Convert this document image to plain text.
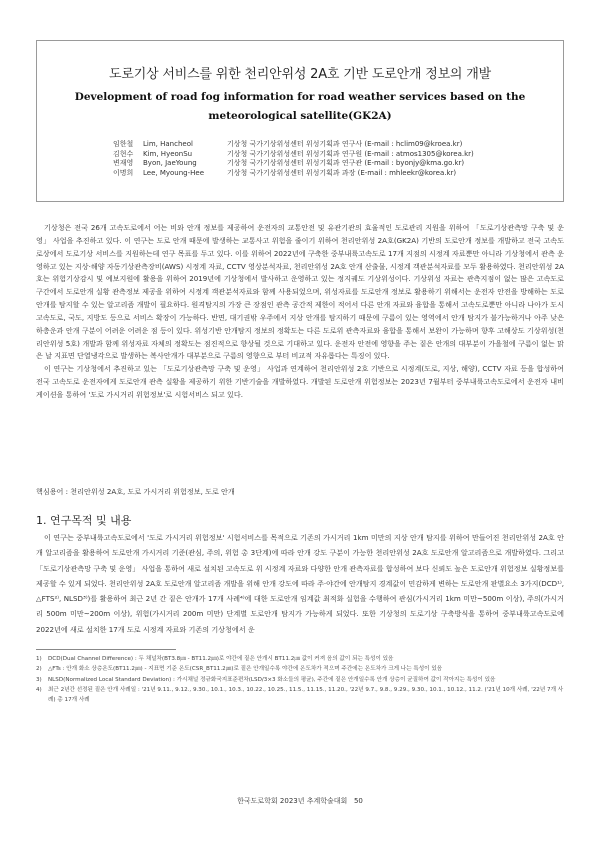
도로기상 서비스를 위한 천리안위성 2A호 기반 도로안개 정보의 개발
Development of road fog information for road weather services based on the meteorological satellite(GK2A)
임한철	Lim, Hancheol	기상청 국가기상위성센터 위성기획과 연구사 (E-mail : hclim09@kroea.kr)
김현수	Kim, HyeonSu	기상청 국가기상위성센터 위성기획과 연구원 (E-mail : atmos1305@korea.kr)
변재영	Byon, JaeYoung	기상청 국가기상위성센터 위성기획과 연구관 (E-mail : byonjy@kma.go.kr)
이명희	Lee, Myoung-Hee	기상청 국가기상위성센터 위성기획과 과장 (E-mail : mhleekr@korea.kr)

기상청은 전국 26개 고속도로에서 어는 비와 안개 정보를 제공하여 운전자의 교통안전 및 유관기관의 효율적인 도로관리 지원을 위하여 「도로기상관측망 구축 및 운영」 사업을 추진하고 있다. 이 연구는 도로 안개 때문에 발생하는 교통사고 위험을 줄이기 위하여 천리안위성 2A호(GK2A) 기반의 도로안개 정보를 개발하고 전국 고속도로상에서 도로기상 서비스를 지원하는데 연구 목표를 두고 있다. 이를 위하여 2022년에 구축한 중부내륙고속도로 17개 지점의 시정계 자료뿐만 아니라 기상청에서 관측 운영하고 있는 지상·해양 자동기상관측장비(AWS) 시정계 자료, CCTV 영상분석자료, 천리안위성 2A호 안개 산출물, 시정계 객관분석자료를 모두 활용하였다. 천리안위성 2A호는 위험기상감시 및 예보지원에 활용을 위하여 2019년에 기상청에서 발사하고 운영하고 있는 정지궤도 기상위성이다. 기상위성 자료는 관측지점이 없는 많은 고속도로 구간에서 도로안개 실황 관측정보 제공을 위하여 시정계 객관분석자료와 함께 사용되었으며, 위성자료를 도로안개 정보로 활용하기 위해서는 운전자 안전을 방해하는 도로안개를 탐지할 수 있는 알고리즘 개발이 필요하다. 원격탐지의 가장 큰 장점인 관측 공간적 제한이 적어서 다른 안개 자료와 융합을 통해서 고속도로뿐만 아니라 나아가 도시고속도로, 국도, 지방도 등으로 서비스 확장이 가능하다. 반면, 대기권밖 우주에서 지상 안개를 탐지하기 때문에 구름이 있는 영역에서 안개 탐지가 불가능하거나 아주 낮은 하층운과 안개 구분이 어려운 어려운 점 등이 있다. 위성기반 안개탐지 정보의 정확도는 다른 도로위 관측자료와 융합을 통해서 보완이 가능하며 향후 고해상도 기상위성(천리안위성 5호) 개발과 함께 위성자료 자체의 정확도는 점진적으로 향상될 것으로 기대하고 있다. 운전자 안전에 영향을 주는 짙은 안개의 대부분이 가을철에 구름이 없는 맑은 날 지표면 단열냉각으로 발생하는 복사안개가 대부분으로 구름의 영향으로 부터 비교적 자유롭다는 특징이 있다.

이 연구는 기상청에서 추진하고 있는 「도로기상관측망 구축 및 운영」 사업과 연계하여 천리안위성 2호 기반으로 시정계(도로, 지상, 해양), CCTV 자료 등을 합성하여 전국 고속도로 운전자에게 도로안개 관측 실황을 제공하기 위한 기반기술을 개발하였다. 개발된 도로안개 위험정보는 2023년 7월부터 중부내륙고속도로에서 운전자 내비게이션을 통하여 '도로 가시거리 위험정보'로 시험서비스 되고 있다.

핵심용어 : 천리안위성 2A호, 도로 가시거리 위험정보, 도로 안개
1. 연구목적 및 내용
이 연구는 중부내륙고속도로에서 '도로 가시거리 위험정보' 시험서비스를 목적으로 기존의 가시거리 1km 미만의 지상 안개 탐지를 위하여 만들어진 천리안위성 2A호 안개 알고리즘을 활용하여 도로안개 가시거리 기준(관심, 주의, 위험 총 3단계)에 따라 안개 강도 구분이 가능한 천리안위성 2A호 도로안개 알고리즘으로 개발하였다. 그리고 「도로기상관측망 구축 및 운영」 사업을 통하여 새로 설치된 고속도로 위 시정계 자료와 다양한 안개 관측자료를 합성하여 보다 신뢰도 높은 도로안개 위험정보 실황정보를 제공할 수 있게 되었다. 천리안위성 2A호 도로안개 알고리즘 개발을 위해 안개 강도에 따라 주·야간에 안개탐지 경계값이 민감하게 변하는 도로안개 판별요소 3가지(DCD¹⁾, △FTS²⁾, NLSD³⁾)를 활용하여 최근 2년 간 짙은 안개가 17개 사례⁴⁾에 대한 도로안개 임계값 최적화 실험을 수행하여 관심(가시거리 1km 미만~500m 이상), 주의(가시거리 500m 미만~200m 이상), 위험(가시거리 200m 미만) 단계별 도로안개 탐지가 가능하게 되었다. 또한 기상청의 도로기상 구축방식을 통하여 중부내륙고속도로에 2022년에 새로 설치한 17개 도로 시정계 자료와 기존의 기상청에서 운
1)	DCD(Dual Channel Difference) : 두 채널차(BT3.8㎛ - BT11.2㎛)로 야간에 짙은 안개시 BT11.2㎛ 값이 커져 음의 값이 되는 특성이 있음
2)	△FTs : 안개 화소 상층온도(BT11.2㎛) - 지표면 기준 온도(CSR_BT11.2㎛)로 짙은 안개일수록 야간에 온도차가 적으며 주간에는 온도차가 크게 나는 특성이 있음
3)	NLSD(Normalized Local Standard Deviation) : 가시채널 정규화국지표준편차(LSD/3×3 화소들의 평균), 주간에 짙은 안개일수록 안개 상층이 균질하여 값이 작아지는 특성이 있음
4)	최근 2년간 선정된 짙은 안개 사례일 : '21년 9.11., 9.12., 9.30., 10.1., 10.3., 10.22., 10.25., 11.5., 11.15., 11.20., '22년 9.7., 9.8., 9.29., 9.30., 10.1., 10.12., 11.2. ('21년 10개 사례, '22년 7개 사례) 총 17개 사례
한국도로학회 2023년 추계학술대회 50
